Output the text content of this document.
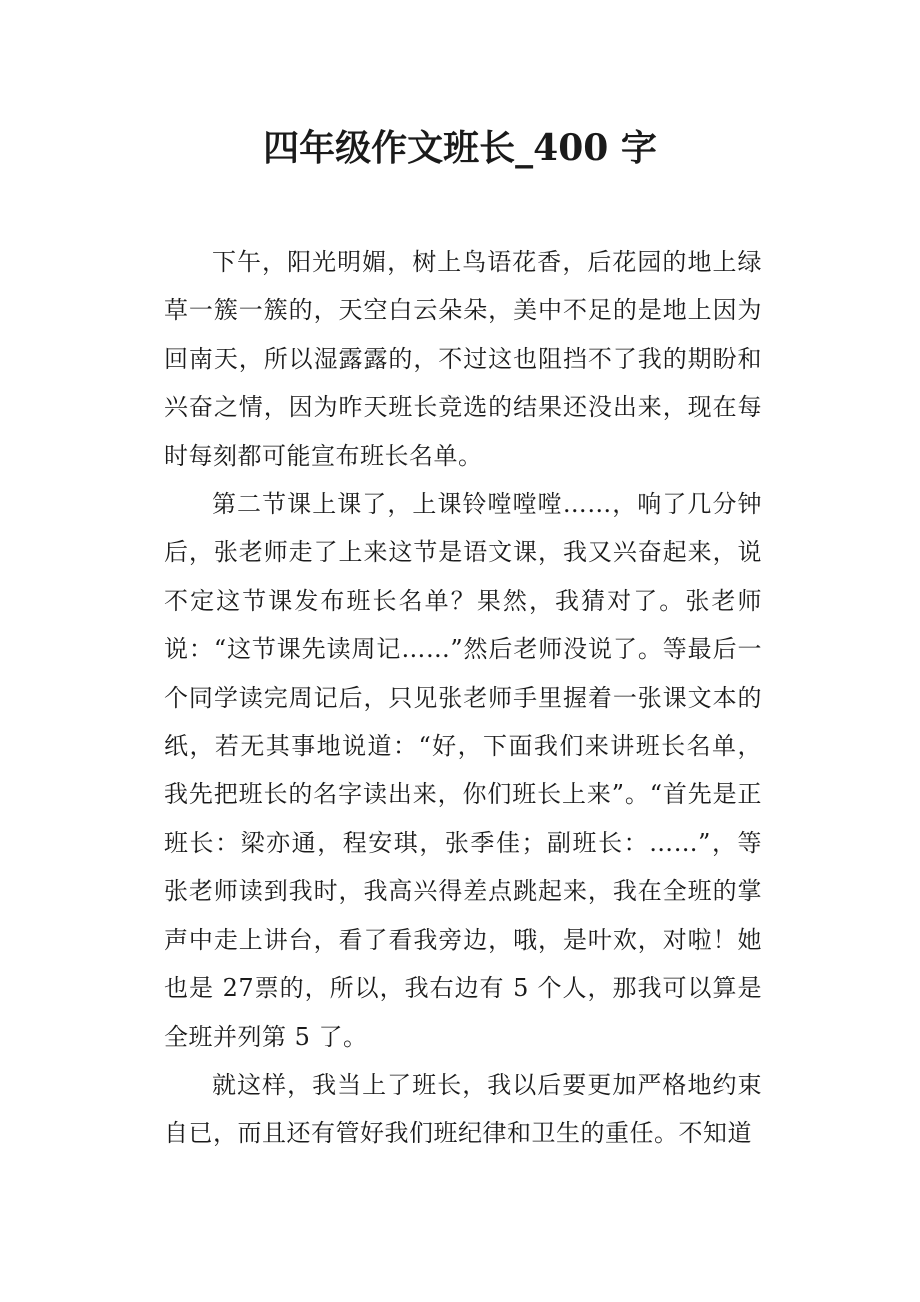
四年级作文班长_400 字

下午，阳光明媚，树上鸟语花香，后花园的地上绿草一簇一簇的，天空白云朵朵，美中不足的是地上因为回南天，所以湿露露的，不过这也阻挡不了我的期盼和兴奋之情，因为昨天班长竞选的结果还没出来，现在每时每刻都可能宣布班长名单。

第二节课上课了，上课铃嘡嘡嘡……，响了几分钟后，张老师走了上来这节是语文课，我又兴奋起来，说不定这节课发布班长名单？果然，我猜对了。张老师说：“这节课先读周记……”然后老师没说了。等最后一个同学读完周记后，只见张老师手里握着一张课文本的纸，若无其事地说道：“好，下面我们来讲班长名单，我先把班长的名字读出来，你们班长上来”。“首先是正班长：梁亦通，程安琪，张季佳；副班长：……”，等张老师读到我时，我高兴得差点跳起来，我在全班的掌声中走上讲台，看了看我旁边，哦，是叶欢，对啦！她也是 27票的，所以，我右边有 5 个人，那我可以算是全班并列第 5 了。

就这样，我当上了班长，我以后要更加严格地约束自已，而且还有管好我们班纪律和卫生的重任。不知道
